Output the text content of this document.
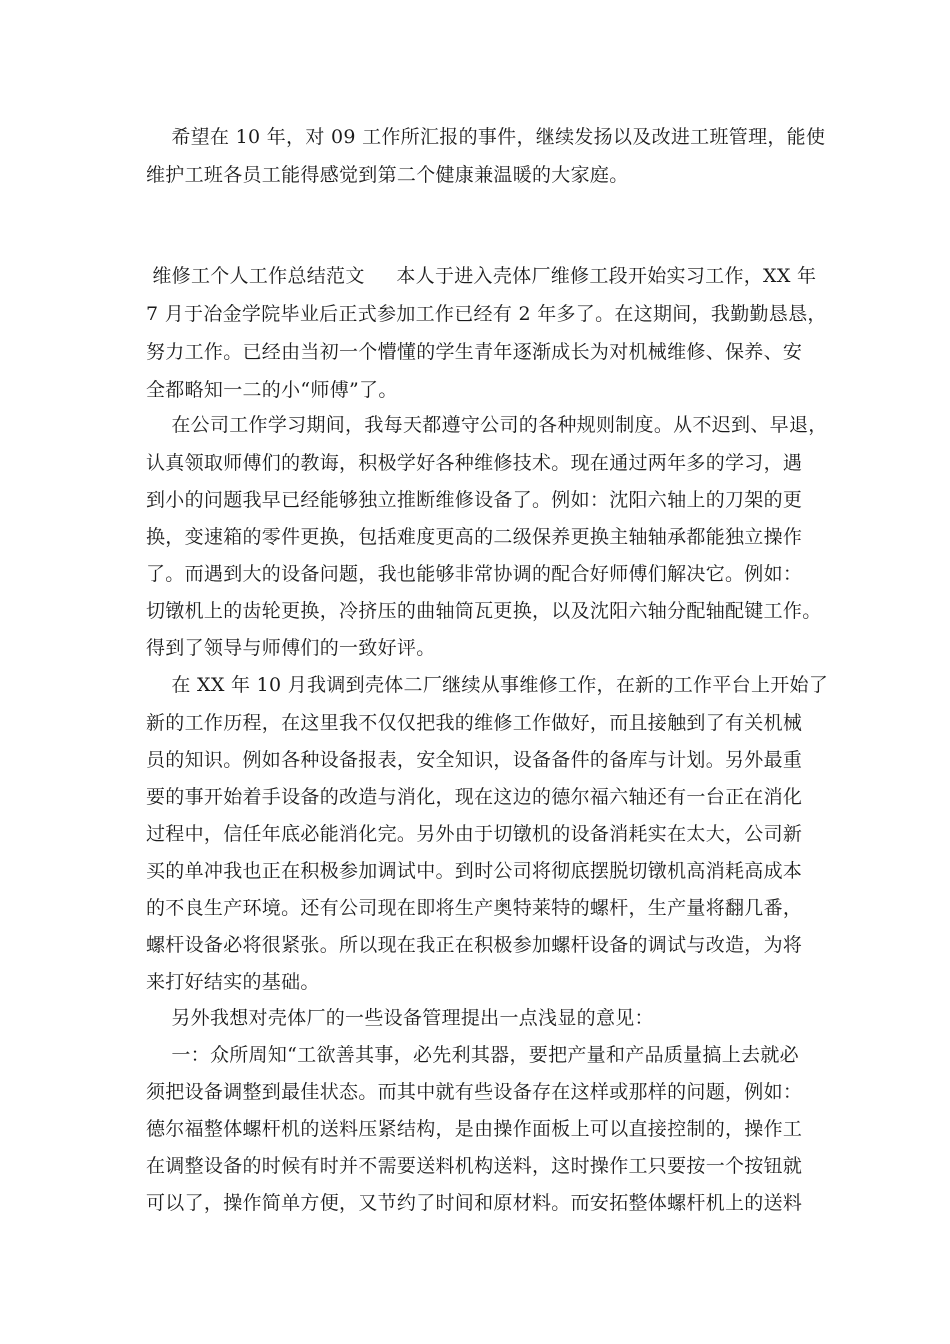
希望在 10 年，对 09 工作所汇报的事件，继续发扬以及改进工班管理，能使
维护工班各员工能得感觉到第二个健康兼温暖的大家庭。
维修工个人工作总结范文     本人于进入壳体厂维修工段开始实习工作，XX 年
7 月于冶金学院毕业后正式参加工作已经有 2 年多了。在这期间，我勤勤恳恳，
努力工作。已经由当初一个懵懂的学生青年逐渐成长为对机械维修、保养、安
全都略知一二的小“师傅”了。
在公司工作学习期间，我每天都遵守公司的各种规则制度。从不迟到、早退，
认真领取师傅们的教诲，积极学好各种维修技术。现在通过两年多的学习，遇
到小的问题我早已经能够独立推断维修设备了。例如：沈阳六轴上的刀架的更
换，变速箱的零件更换，包括难度更高的二级保养更换主轴轴承都能独立操作
了。而遇到大的设备问题，我也能够非常协调的配合好师傅们解决它。例如：
切镦机上的齿轮更换，冷挤压的曲轴筒瓦更换，以及沈阳六轴分配轴配键工作。
得到了领导与师傅们的一致好评。
在 XX 年 10 月我调到壳体二厂继续从事维修工作，在新的工作平台上开始了
新的工作历程，在这里我不仅仅把我的维修工作做好，而且接触到了有关机械
员的知识。例如各种设备报表，安全知识，设备备件的备库与计划。另外最重
要的事开始着手设备的改造与消化，现在这边的德尔福六轴还有一台正在消化
过程中，信任年底必能消化完。另外由于切镦机的设备消耗实在太大，公司新
买的单冲我也正在积极参加调试中。到时公司将彻底摆脱切镦机高消耗高成本
的不良生产环境。还有公司现在即将生产奥特莱特的螺杆，生产量将翻几番，
螺杆设备必将很紧张。所以现在我正在积极参加螺杆设备的调试与改造，为将
来打好结实的基础。
另外我想对壳体厂的一些设备管理提出一点浅显的意见：
一：众所周知“工欲善其事，必先利其器，要把产量和产品质量搞上去就必
须把设备调整到最佳状态。而其中就有些设备存在这样或那样的问题，例如：
德尔福整体螺杆机的送料压紧结构，是由操作面板上可以直接控制的，操作工
在调整设备的时候有时并不需要送料机构送料，这时操作工只要按一个按钮就
可以了，操作简单方便，又节约了时间和原材料。而安拓整体螺杆机上的送料
